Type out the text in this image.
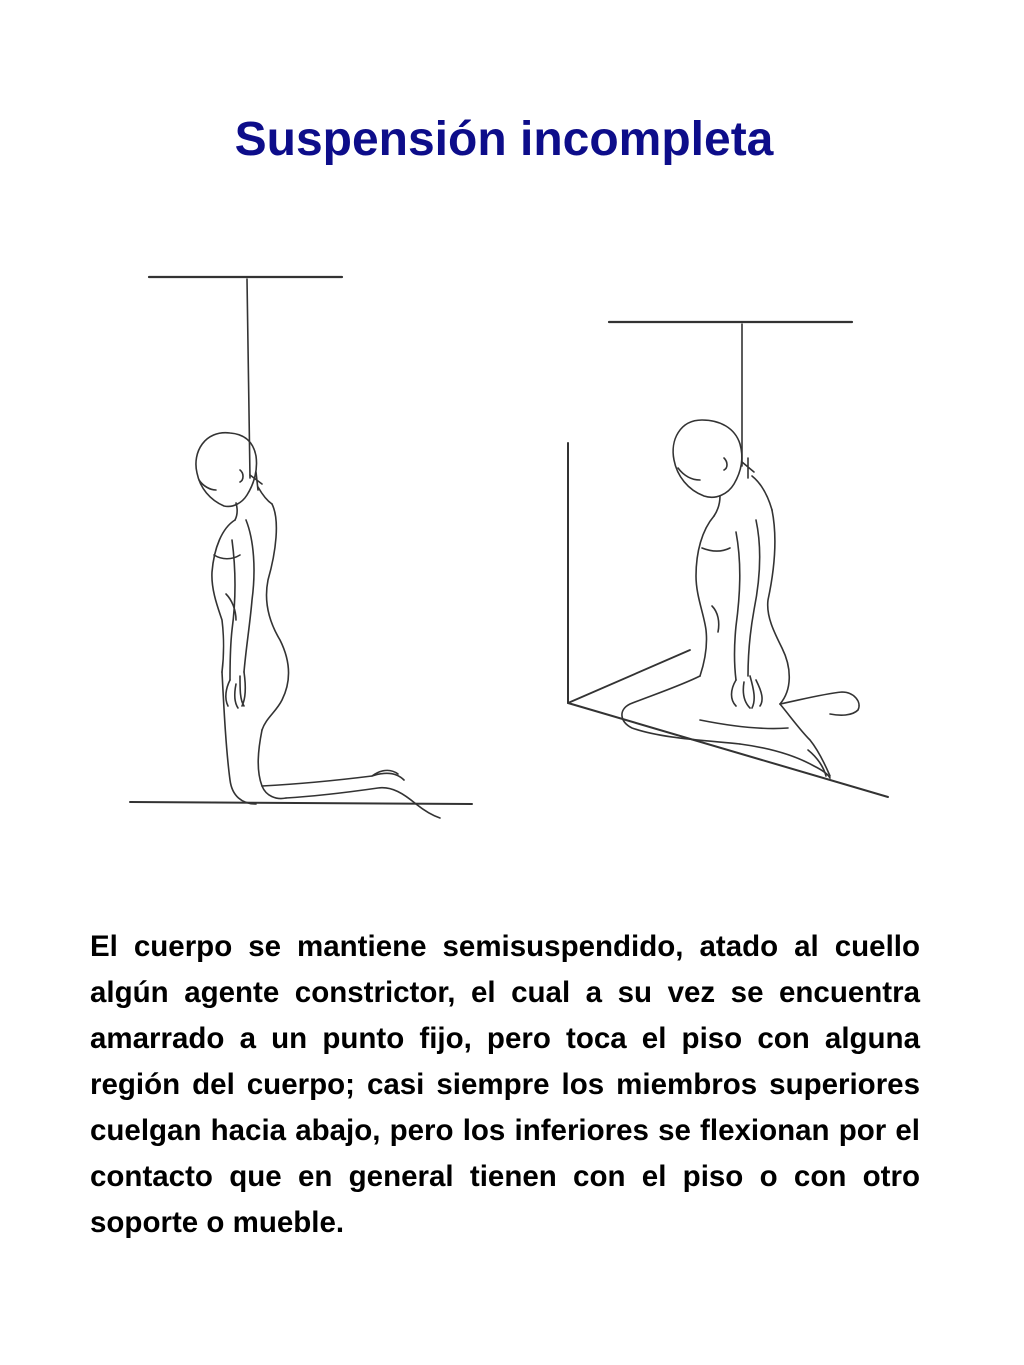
Suspensión incompleta

El cuerpo se mantiene semisuspendido, atado al cuello algún agente constrictor, el cual a su vez se encuentra amarrado a un punto fijo, pero toca el piso con alguna región del cuerpo; casi siempre los miembros superiores cuelgan hacia abajo, pero los inferiores se flexionan por el contacto que en general tienen con el piso o con otro soporte o mueble.
